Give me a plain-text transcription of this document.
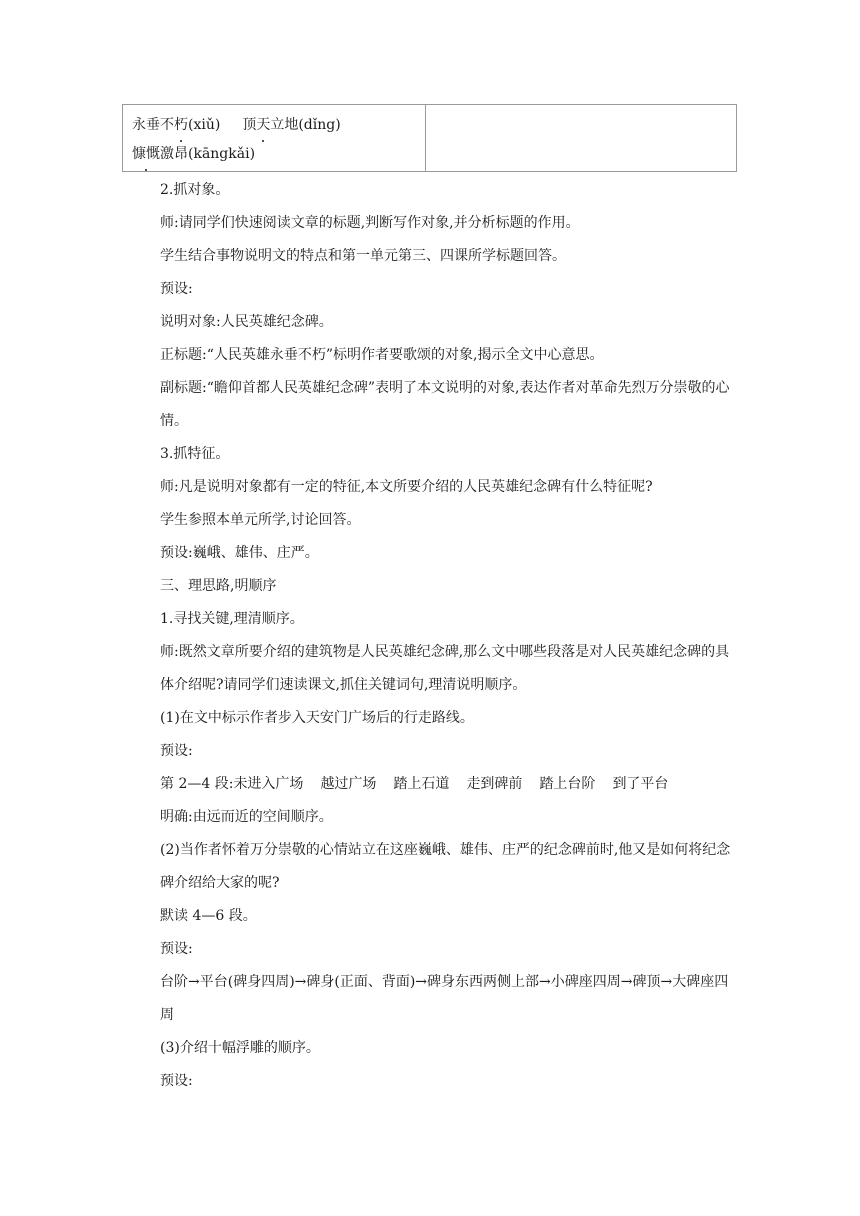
永垂不朽(xiǔ) 顶天立地(dǐng)
慷慨激昂(kāngkǎi)

2.抓对象。

师:请同学们快速阅读文章的标题,判断写作对象,并分析标题的作用。

学生结合事物说明文的特点和第一单元第三、四课所学标题回答。

预设:

说明对象:人民英雄纪念碑。

正标题:“人民英雄永垂不朽”标明作者要歌颂的对象,揭示全文中心意思。

副标题:“瞻仰首都人民英雄纪念碑”表明了本文说明的对象,表达作者对革命先烈万分崇敬的心情。

3.抓特征。

师:凡是说明对象都有一定的特征,本文所要介绍的人民英雄纪念碑有什么特征呢?

学生参照本单元所学,讨论回答。

预设:巍峨、雄伟、庄严。

三、理思路,明顺序

1.寻找关键,理清顺序。

师:既然文章所要介绍的建筑物是人民英雄纪念碑,那么文中哪些段落是对人民英雄纪念碑的具体介绍呢?请同学们速读课文,抓住关键词句,理清说明顺序。

(1)在文中标示作者步入天安门广场后的行走路线。

预设:

第 2—4 段:未进入广场 越过广场 踏上石道 走到碑前 踏上台阶 到了平台

明确:由远而近的空间顺序。

(2)当作者怀着万分崇敬的心情站立在这座巍峨、雄伟、庄严的纪念碑前时,他又是如何将纪念碑介绍给大家的呢?

默读 4—6 段。

预设:

台阶→平台(碑身四周)→碑身(正面、背面)→碑身东西两侧上部→小碑座四周→碑顶→大碑座四周

(3)介绍十幅浮雕的顺序。

预设:
